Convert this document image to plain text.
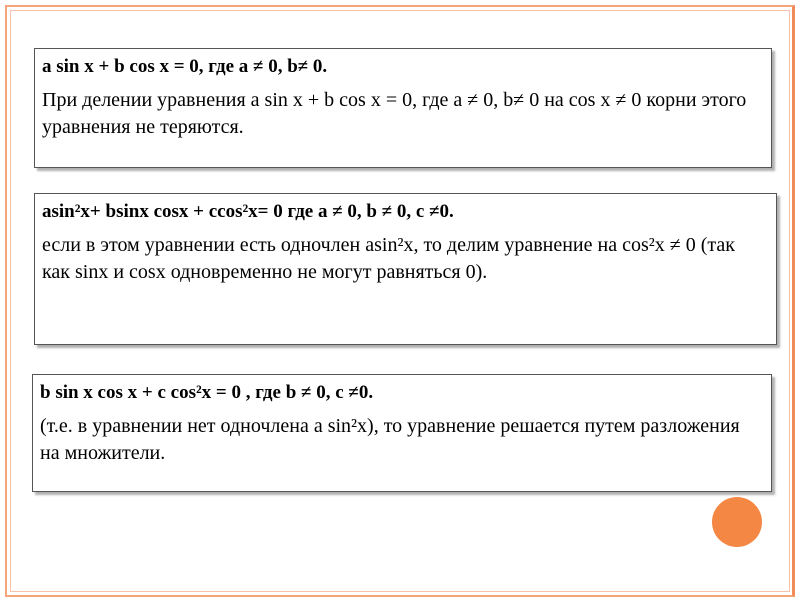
a sin x + b cos x = 0, где a ≠ 0, b≠ 0.

При делении уравнения a sin x + b cos x = 0, где a ≠ 0, b≠ 0 на cos x ≠ 0 корни этого уравнения не теряются.

asin²x+ bsinx cosx + ccos²x= 0 где a ≠ 0, b ≠ 0, c ≠0.

если в этом уравнении есть одночлен asin²x, то делим уравнение на cos²x ≠ 0 (так как sinx и cosx одновременно не могут равняться 0).

b sin x cos x + c cos²x = 0 , где b ≠ 0, c ≠0.

(т.е. в уравнении нет одночлена a sin²x), то уравнение решается путем разложения на множители.
